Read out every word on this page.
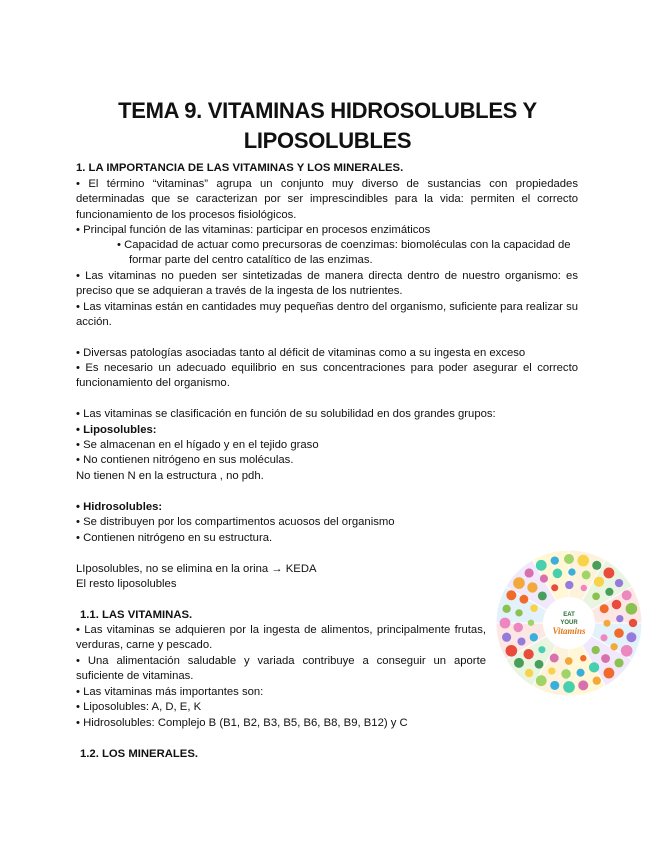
TEMA 9. VITAMINAS HIDROSOLUBLES Y
LIPOSOLUBLES

1. LA IMPORTANCIA DE LAS VITAMINAS Y LOS MINERALES.

• El término “vitaminas” agrupa un conjunto muy diverso de sustancias con propiedades determinadas que se caracterizan por ser imprescindibles para la vida: permiten el correcto funcionamiento de los procesos fisiológicos.

• Principal función de las vitaminas: participar en procesos enzimáticos

• Capacidad de actuar como precursoras de coenzimas: biomoléculas con la capacidad de formar parte del centro catalítico de las enzimas.

• Las vitaminas no pueden ser sintetizadas de manera directa dentro de nuestro organismo: es preciso que se adquieran a través de la ingesta de los nutrientes.

• Las vitaminas están en cantidades muy pequeñas dentro del organismo, suficiente para realizar su acción.

• Diversas patologías asociadas tanto al déficit de vitaminas como a su ingesta en exceso

• Es necesario un adecuado equilibrio en sus concentraciones para poder asegurar el correcto funcionamiento del organismo.

• Las vitaminas se clasificación en función de su solubilidad en dos grandes grupos:

• Liposolubles:

• Se almacenan en el hígado y en el tejido graso

• No contienen nitrógeno en sus moléculas.

No tienen N en la estructura , no pdh.

• Hidrosolubles:

• Se distribuyen por los compartimentos acuosos del organismo

• Contienen nitrógeno en su estructura.

LIposolubles, no se elimina en la orina → KEDA

El resto liposolubles

1.1. LAS VITAMINAS.

• Las vitaminas se adquieren por la ingesta de alimentos, principalmente frutas, verduras, carne y pescado.

• Una alimentación saludable y variada contribuye a conseguir un aporte suficiente de vitaminas.

• Las vitaminas más importantes son:

• Liposolubles: A, D, E, K

• Hidrosolubles: Complejo B (B1, B2, B3, B5, B6, B8, B9, B12) y C

1.2. LOS MINERALES.

EAT
YOUR
Vitamins
